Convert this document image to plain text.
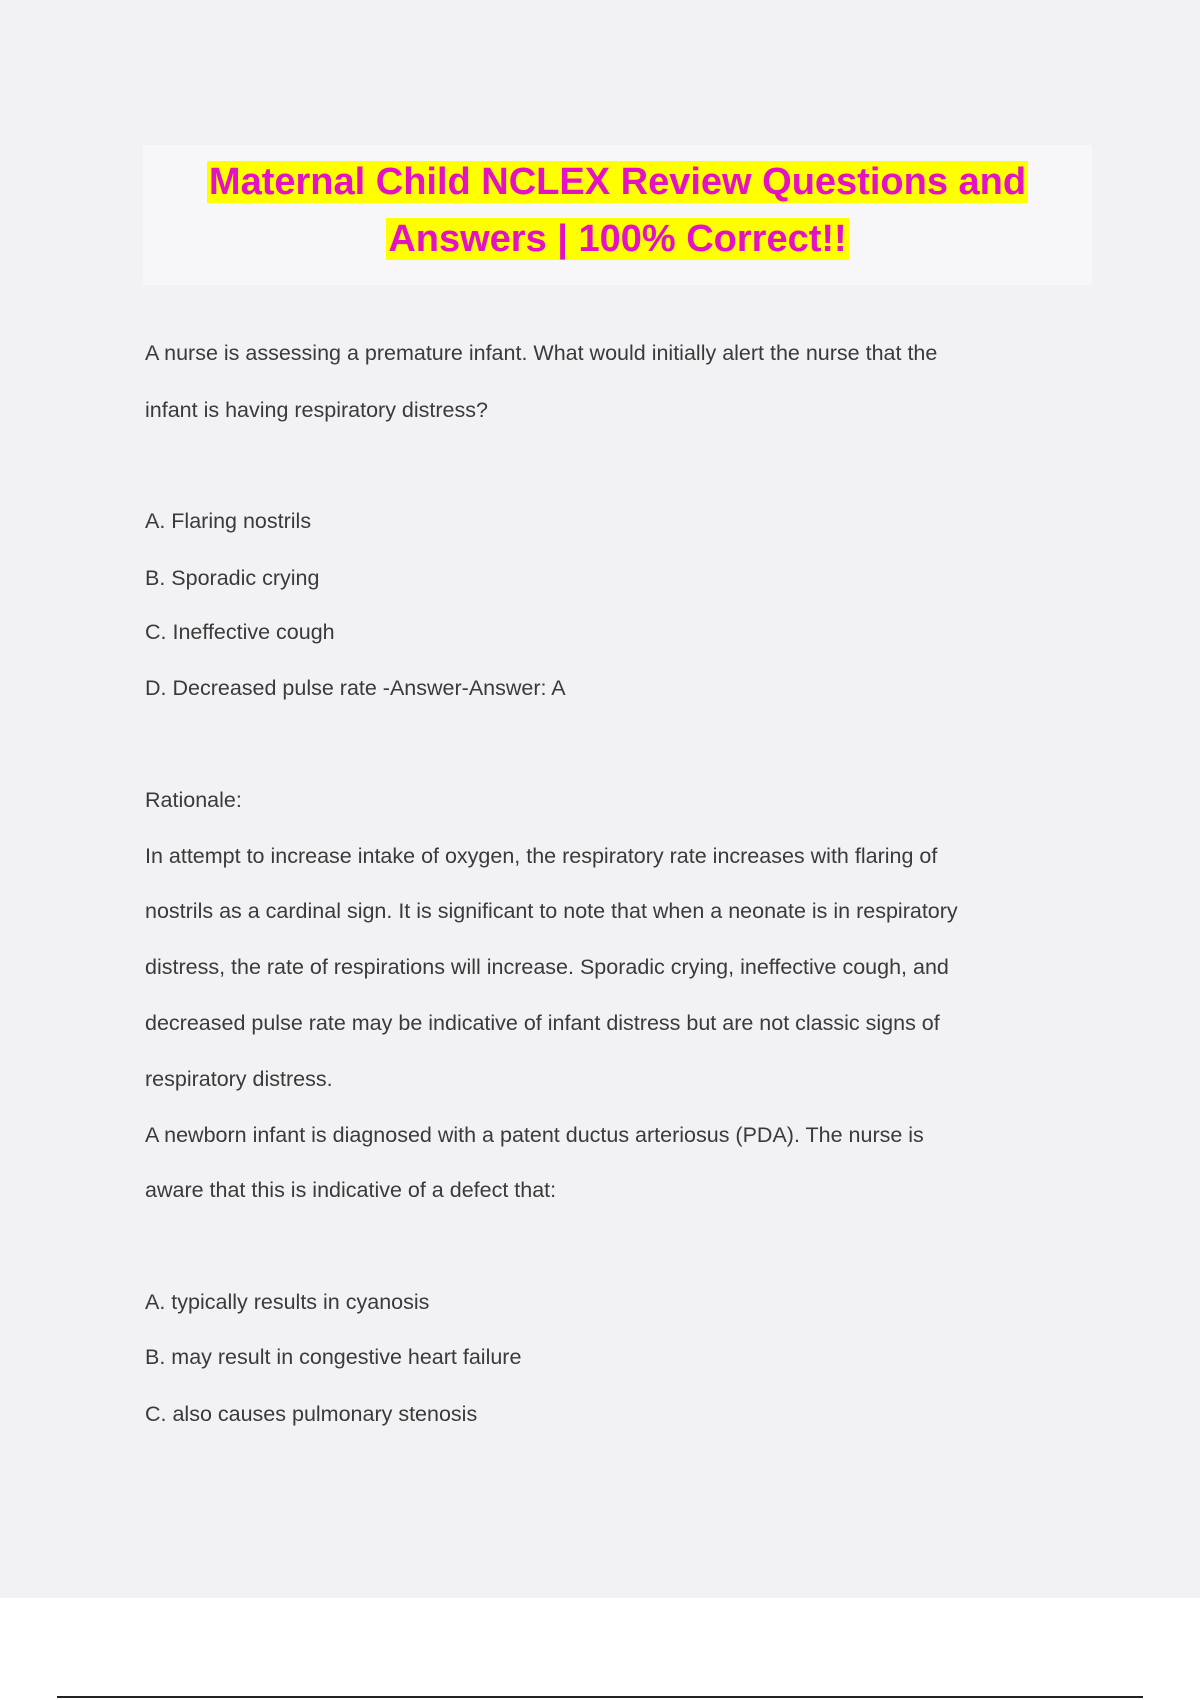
Maternal Child NCLEX Review Questions and
Answers | 100% Correct!!
A nurse is assessing a premature infant. What would initially alert the nurse that the
infant is having respiratory distress?
A. Flaring nostrils
B. Sporadic crying
C. Ineffective cough
D. Decreased pulse rate -Answer-Answer: A
Rationale:
In attempt to increase intake of oxygen, the respiratory rate increases with flaring of
nostrils as a cardinal sign. It is significant to note that when a neonate is in respiratory
distress, the rate of respirations will increase. Sporadic crying, ineffective cough, and
decreased pulse rate may be indicative of infant distress but are not classic signs of
respiratory distress.
A newborn infant is diagnosed with a patent ductus arteriosus (PDA). The nurse is
aware that this is indicative of a defect that:
A. typically results in cyanosis
B. may result in congestive heart failure
C. also causes pulmonary stenosis
